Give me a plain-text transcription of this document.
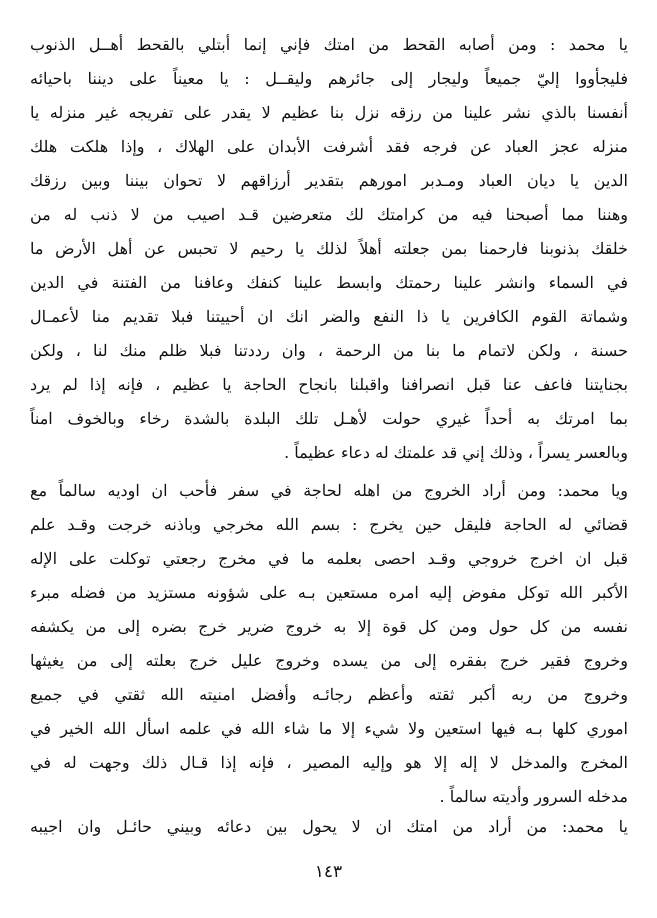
يا محمد : ومن أصابه القحط من امتك فإني إنما أبتلي بالقحط أهــل الذنوب
فليجأووا إليّ جميعاً وليجار إلى جائرهم وليقــل : يا معيناً على ديننا باحيائه
أنفسنا بالذي نشر علينا من رزقه نزل بنا عظيم لا يقدر على تفريجه غير منزله يا
منزله عجز العباد عن فرجه فقد أشرفت الأبدان على الهلاك ، وإذا هلكت هلك
الدين يا ديان العباد ومـدبر امورهم بتقدير أرزاقهم لا تحوان بيننا وبين رزقك
وهننا مما أصبحنا فيه من كرامتك لك متعرضين قـد اصيب من لا ذنب له من
خلقك بذنوبنا فارحمنا بمن جعلته أهلاً لذلك يا رحيم لا تحبس عن أهل الأرض ما
في السماء وانشر علينا رحمتك وابسط علينا كنفك وعافنا من الفتنة في الدين
وشماتة القوم الكافرين يا ذا النفع والضر انك ان أحييتنا فبلا تقديم منا لأعمـال
حسنة ، ولكن لاتمام ما بنا من الرحمة ، وان رددتنا فبلا ظلم منك لنا ، ولكن
بجنايتنا فاعف عنا قبل انصرافنا واقبلنا بانجاح الحاجة يا عظيم ، فإنه إذا لم يرد
بما امرتك به أحداً غيري حولت لأهـل تلك البلدة بالشدة رخاء وبالخوف امناً
وبالعسر يسراً ، وذلك إني قد علمتك له دعاء عظيماً .
ويا محمد: ومن أراد الخروج من اهله لحاجة في سفر فأحب ان اوديه سالماً مع
قضائي له الحاجة فليقل حين يخرج : بسم الله مخرجي وباذنه خرجت وقـد علم
قبل ان اخرج خروجي وقـد احصى بعلمه ما في مخرج رجعتي توكلت على الإله
الأكبر الله توكل مفوض إليه امره مستعين بـه على شؤونه مستزيد من فضله مبرء
نفسه من كل حول ومن كل قوة إلا به خروج ضرير خرج بضره إلى من يكشفه
وخروج فقير خرج بفقره إلى من يسده وخروج عليل خرج بعلته إلى من يغيثها
وخروج من ربه أكبر ثقته وأعظم رجائـه وأفضل امنيته الله ثقتي في جميع
اموري كلها بـه فيها استعين ولا شيء إلا ما شاء الله في علمه اسأل الله الخير في
المخرج والمدخل لا إله إلا هو وإليه المصير ، فإنه إذا قـال ذلك وجهت له في
مدخله السرور وأديته سالماً .
يا محمد: من أراد من امتك ان لا يحول بين دعائه وبيني حائـل وان اجيبه
١٤٣
